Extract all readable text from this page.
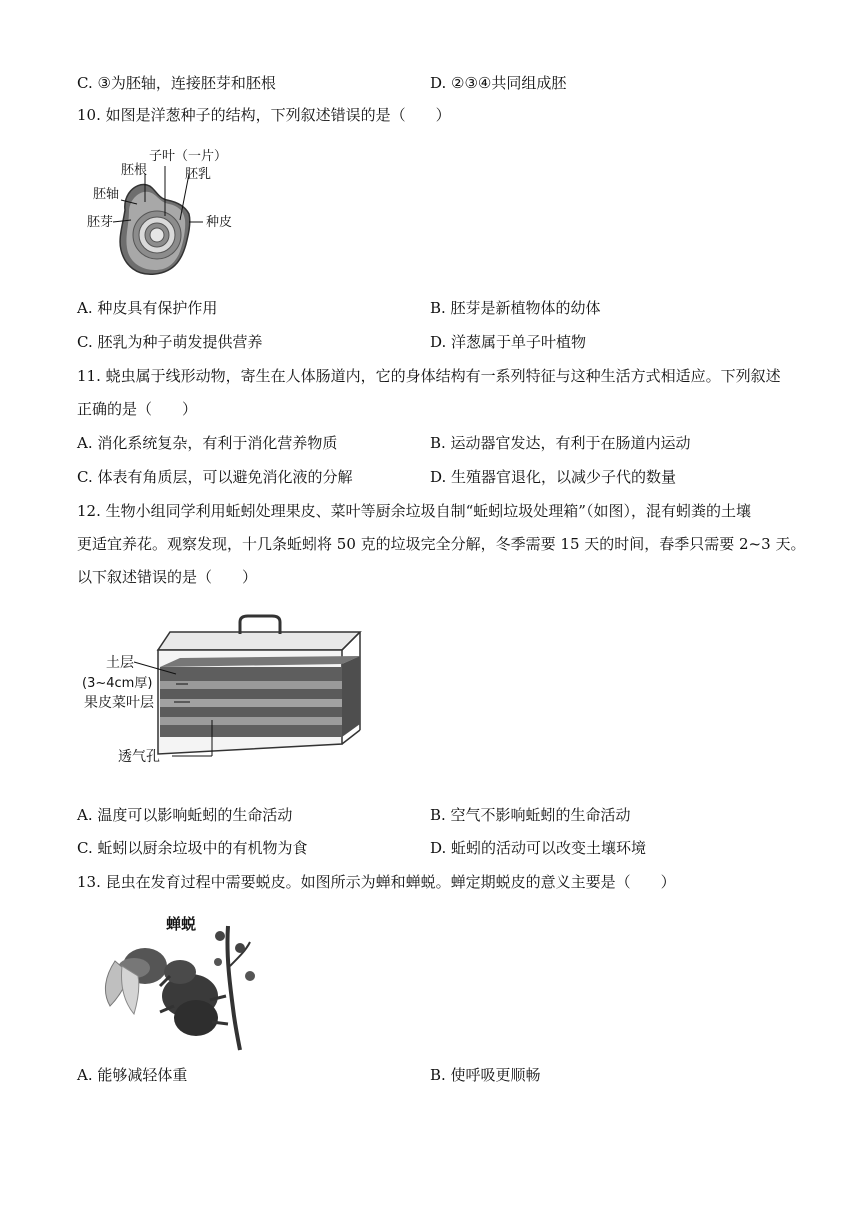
C. ③为胚轴，连接胚芽和胚根	D. ②③④共同组成胚
10. 如图是洋葱种子的结构，下列叙述错误的是（　　）
子叶（一片）
胚根	胚乳
胚轴
胚芽	种皮
A. 种皮具有保护作用	B. 胚芽是新植物体的幼体
C. 胚乳为种子萌发提供营养	D. 洋葱属于单子叶植物
11. 蛲虫属于线形动物，寄生在人体肠道内，它的身体结构有一系列特征与这种生活方式相适应。下列叙述
正确的是（　　）
A. 消化系统复杂，有利于消化营养物质	B. 运动器官发达，有利于在肠道内运动
C. 体表有角质层，可以避免消化液的分解	D. 生殖器官退化，以减少子代的数量
12. 生物小组同学利用蚯蚓处理果皮、菜叶等厨余垃圾自制“蚯蚓垃圾处理箱”（如图），混有蚓粪的土壤
更适宜养花。观察发现，十几条蚯蚓将 50 克的垃圾完全分解，冬季需要 15 天的时间，春季只需要 2~3 天。
以下叙述错误的是（　　）
土层
(3~4cm厚)
果皮菜叶层
透气孔
A. 温度可以影响蚯蚓的生命活动	B. 空气不影响蚯蚓的生命活动
C. 蚯蚓以厨余垃圾中的有机物为食	D. 蚯蚓的活动可以改变土壤环境
13. 昆虫在发育过程中需要蜕皮。如图所示为蝉和蝉蜕。蝉定期蜕皮的意义主要是（　　）
蝉蜕
A. 能够减轻体重	B. 使呼吸更顺畅
